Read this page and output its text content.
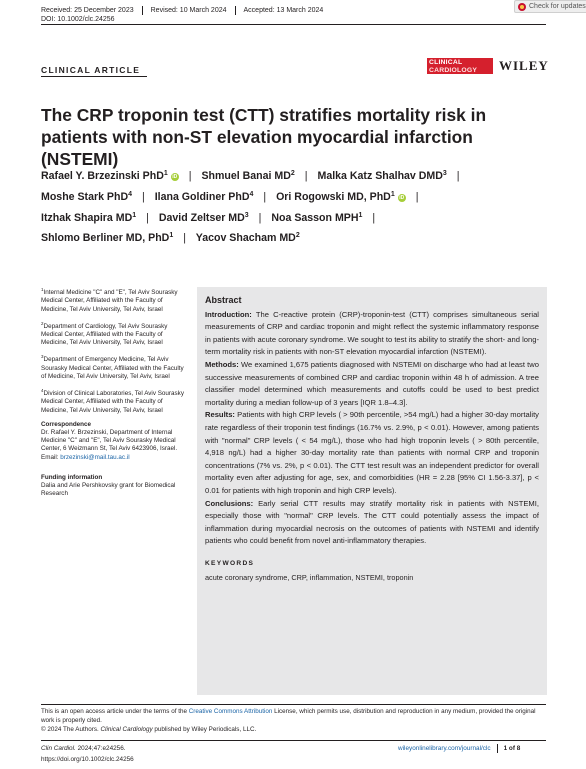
Received: 25 December 2023 Revised: 10 March 2024 Accepted: 13 March 2024
DOI: 10.1002/clc.24256
Check for updates
CLINICAL ARTICLE
CLINICAL
CARDIOLOGY	WILEY
The CRP troponin test (CTT) stratifies mortality risk in patients with non-ST elevation myocardial infarction (NSTEMI)
Rafael Y. Brzezinski PhD$^1$ iD | Shmuel Banai $MD^2$ | Malka Katz Shalhav DMD$^3$ |
Moshe Stark PhD$^4$ | Ilana Goldiner PhD$^4$ | Ori Rogowski MD, PhD$^1$ iD |
Itzhak Shapira $MD^1$ | David Zeltser $MD^3$ | Noa Sasson MPH$^1$ |
Shlomo Berliner MD, PhD$^1$ | Yacov Shacham $MD^2$
$^1$Internal Medicine "C" and "E", Tel Aviv Sourasky Medical Center, Affiliated with the Faculty of Medicine, Tel Aviv University, Tel Aviv, Israel
$^2$Department of Cardiology, Tel Aviv Sourasky Medical Center, Affiliated with the Faculty of Medicine, Tel Aviv University, Tel Aviv, Israel
$^3$Department of Emergency Medicine, Tel Aviv Sourasky Medical Center, Affiliated with the Faculty of Medicine, Tel Aviv University, Tel Aviv, Israel
$^4$Division of Clinical Laboratories, Tel Aviv Sourasky Medical Center, Affiliated with the Faculty of Medicine, Tel Aviv University, Tel Aviv, Israel
Correspondence
Dr. Rafael Y. Brzezinski, Department of Internal Medicine "C" and "E", Tel Aviv Sourasky Medical Center, 6 Weizmann St, Tel Aviv 6423906, Israel.
Email: brzezinski@mail.tau.ac.il
Funding information
Dalia and Arie Pershkovsky grant for Biomedical Research
Abstract

Introduction: The C-reactive protein (CRP)-troponin-test (CTT) comprises simultaneous serial measurements of CRP and cardiac troponin and might reflect the systemic inflammatory response in patients with acute coronary syndrome. We sought to test its ability to stratify the short- and long-term mortality risk in patients with non-ST elevation myocardial infarction (NSTEMI).

Methods: We examined 1,675 patients diagnosed with NSTEMI on discharge who had at least two successive measurements of combined CRP and cardiac troponin within 48 h of admission. A tree classifier model determined which measurements and cutoffs could be used to best predict mortality during a median follow-up of 3 years [IQR 1.8–4.3].

Results: Patients with high CRP levels ( > 90th percentile, >54 mg/L) had a higher 30-day mortality rate regardless of their troponin test findings (16.7% vs. 2.9%, p < 0.01). However, among patients with "normal" CRP levels ( < 54 mg/L), those who had high troponin levels ( > 80th percentile, 4,918 ng/L) had a higher 30-day mortality rate than patients with normal CRP and troponin concentrations (7% vs. 2%, p < 0.01). The CTT test result was an independent predictor for overall mortality even after adjusting for age, sex, and comorbidities (HR = 2.28 [95% CI 1.56-3.37], p < 0.01 for patients with high troponin and high CRP levels).

Conclusions: Early serial CTT results may stratify mortality risk in patients with NSTEMI, especially those with "normal" CRP levels. The CTT could potentially assess the impact of inflammation during myocardial necrosis on the outcomes of patients with NSTEMI and identify patients who could benefit from novel anti-inflammatory therapies.

KEYWORDS
acute coronary syndrome, CRP, inflammation, NSTEMI, troponin
This is an open access article under the terms of the Creative Commons Attribution License, which permits use, distribution and reproduction in any medium, provided the original work is properly cited.
© 2024 The Authors. Clinical Cardiology published by Wiley Periodicals, LLC.
Clin Cardiol. 2024;47:e24256.
https://doi.org/10.1002/clc.24256
wileyonlinelibrary.com/journal/clc 1 of 8
